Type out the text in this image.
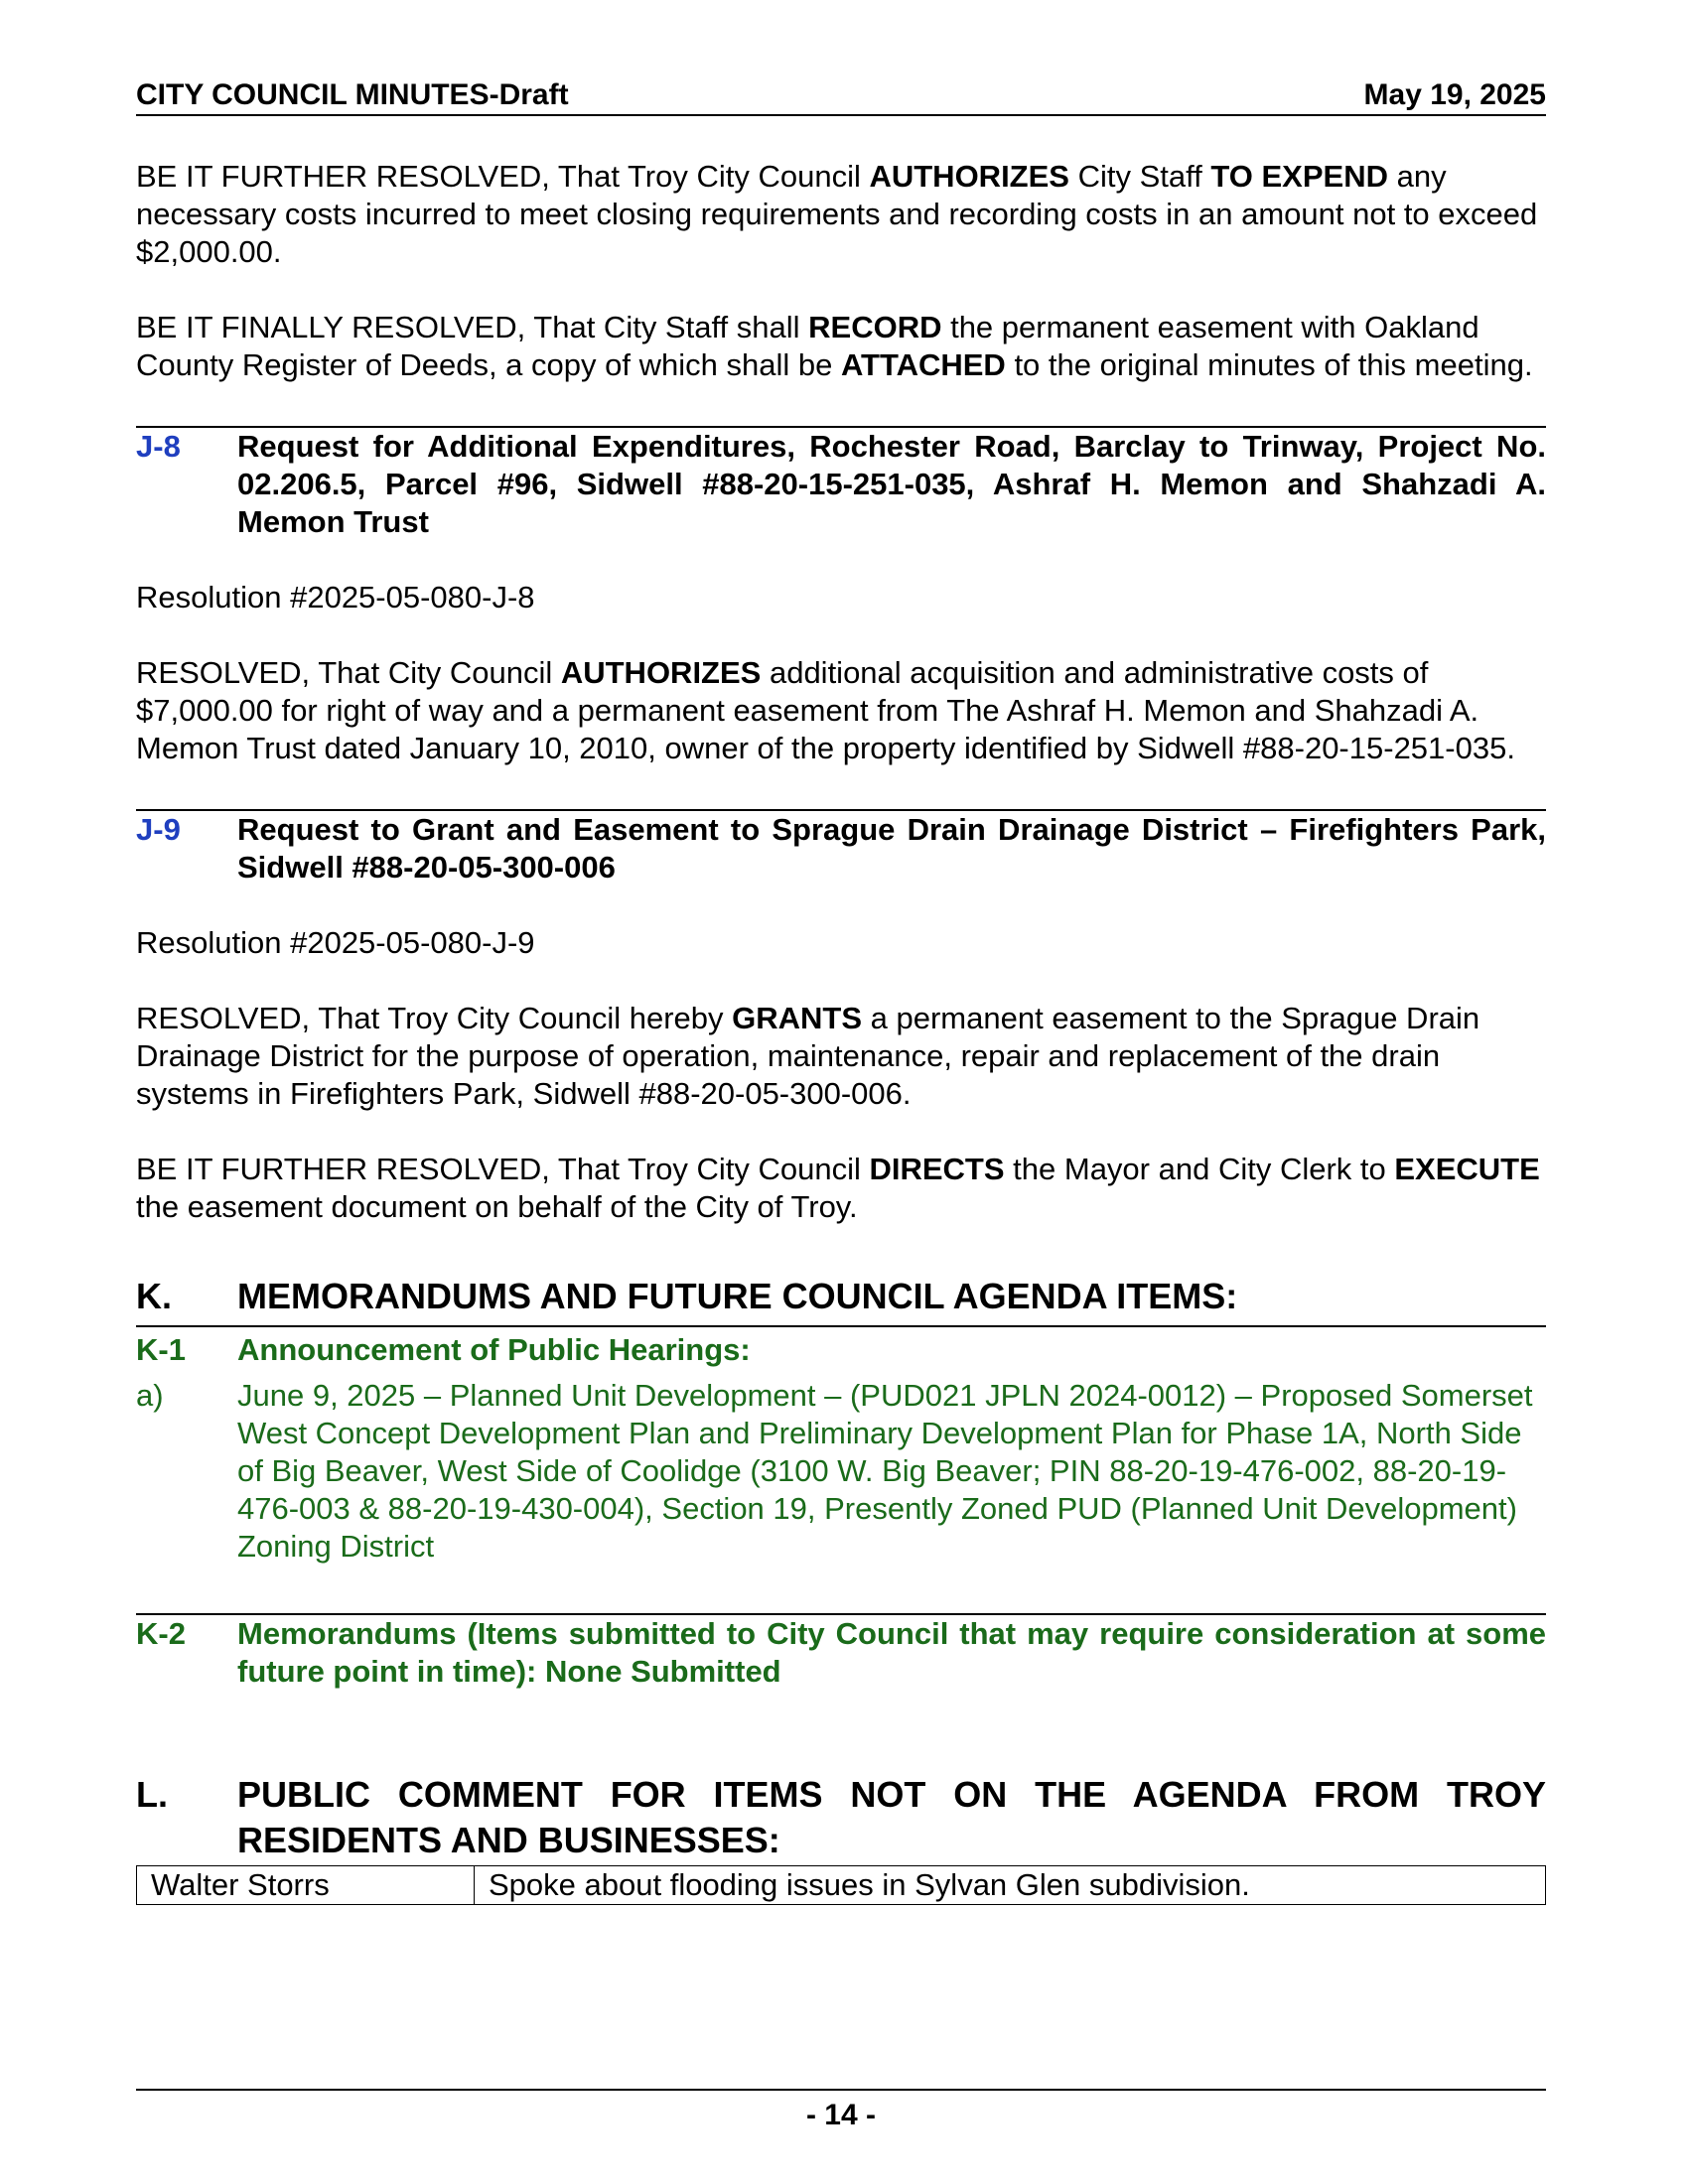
CITY COUNCIL MINUTES-Draft	May 19, 2025

BE IT FURTHER RESOLVED, That Troy City Council AUTHORIZES City Staff TO EXPEND any necessary costs incurred to meet closing requirements and recording costs in an amount not to exceed $2,000.00.

BE IT FINALLY RESOLVED, That City Staff shall RECORD the permanent easement with Oakland County Register of Deeds, a copy of which shall be ATTACHED to the original minutes of this meeting.

J-8	Request for Additional Expenditures, Rochester Road, Barclay to Trinway, Project No. 02.206.5, Parcel #96, Sidwell #88-20-15-251-035, Ashraf H. Memon and Shahzadi A. Memon Trust

Resolution #2025-05-080-J-8

RESOLVED, That City Council AUTHORIZES additional acquisition and administrative costs of $7,000.00 for right of way and a permanent easement from The Ashraf H. Memon and Shahzadi A. Memon Trust dated January 10, 2010, owner of the property identified by Sidwell #88-20-15-251-035.

J-9	Request to Grant and Easement to Sprague Drain Drainage District – Firefighters Park, Sidwell #88-20-05-300-006

Resolution #2025-05-080-J-9

RESOLVED, That Troy City Council hereby GRANTS a permanent easement to the Sprague Drain Drainage District for the purpose of operation, maintenance, repair and replacement of the drain systems in Firefighters Park, Sidwell #88-20-05-300-006.

BE IT FURTHER RESOLVED, That Troy City Council DIRECTS the Mayor and City Clerk to EXECUTE the easement document on behalf of the City of Troy.

K.	MEMORANDUMS AND FUTURE COUNCIL AGENDA ITEMS:
K-1	Announcement of Public Hearings:
a)	June 9, 2025 – Planned Unit Development – (PUD021 JPLN 2024-0012) – Proposed Somerset West Concept Development Plan and Preliminary Development Plan for Phase 1A, North Side of Big Beaver, West Side of Coolidge (3100 W. Big Beaver; PIN 88-20-19-476-002, 88-20-19-476-003 & 88-20-19-430-004), Section 19, Presently Zoned PUD (Planned Unit Development) Zoning District
K-2	Memorandums (Items submitted to City Council that may require consideration at some future point in time): None Submitted
L.	PUBLIC COMMENT FOR ITEMS NOT ON THE AGENDA FROM TROY RESIDENTS AND BUSINESSES:
Walter Storrs	Spoke about flooding issues in Sylvan Glen subdivision.
- 14 -
